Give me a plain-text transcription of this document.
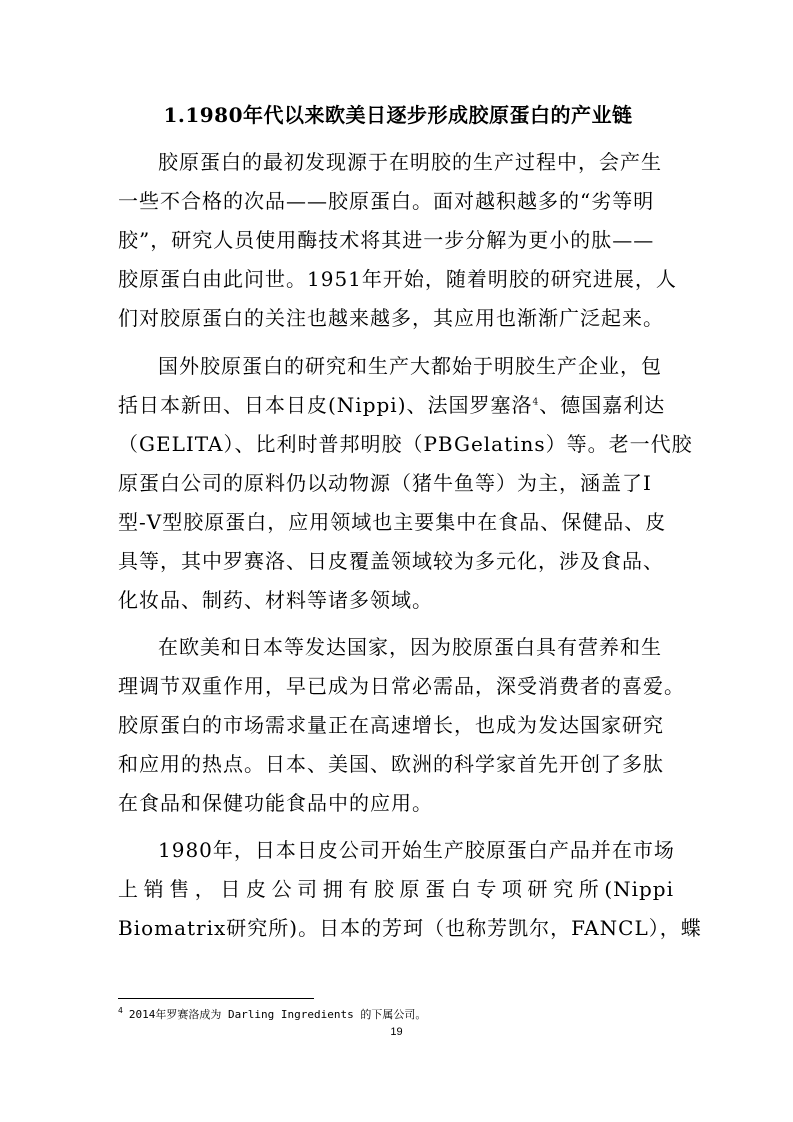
1.1980年代以来欧美日逐步形成胶原蛋白的产业链
胶原蛋白的最初发现源于在明胶的生产过程中，会产生
一些不合格的次品——胶原蛋白。面对越积越多的“劣等明
胶”，研究人员使用酶技术将其进一步分解为更小的肽——
胶原蛋白由此问世。1951年开始，随着明胶的研究进展，人
们对胶原蛋白的关注也越来越多，其应用也渐渐广泛起来。
国外胶原蛋白的研究和生产大都始于明胶生产企业，包
括日本新田、日本日皮(Nippi)、法国罗塞洛$^4$、德国嘉利达
（GELITA）、比利时普邦明胶（PBGelatins）等。老一代胶
原蛋白公司的原料仍以动物源（猪牛鱼等）为主，涵盖了Ⅰ
型-Ⅴ型胶原蛋白，应用领域也主要集中在食品、保健品、皮
具等，其中罗赛洛、日皮覆盖领域较为多元化，涉及食品、
化妆品、制药、材料等诸多领域。
在欧美和日本等发达国家，因为胶原蛋白具有营养和生
理调节双重作用，早已成为日常必需品，深受消费者的喜爱。
胶原蛋白的市场需求量正在高速增长，也成为发达国家研究
和应用的热点。日本、美国、欧洲的科学家首先开创了多肽
在食品和保健功能食品中的应用。
1980年，日本日皮公司开始生产胶原蛋白产品并在市场
上销售，日皮公司拥有胶原蛋白专项研究所(Nippi
Biomatrix研究所)。日本的芳珂（也称芳凯尔，FANCL），蝶
$^4$ 2014年罗赛洛成为 Darling Ingredients 的下属公司。
19
